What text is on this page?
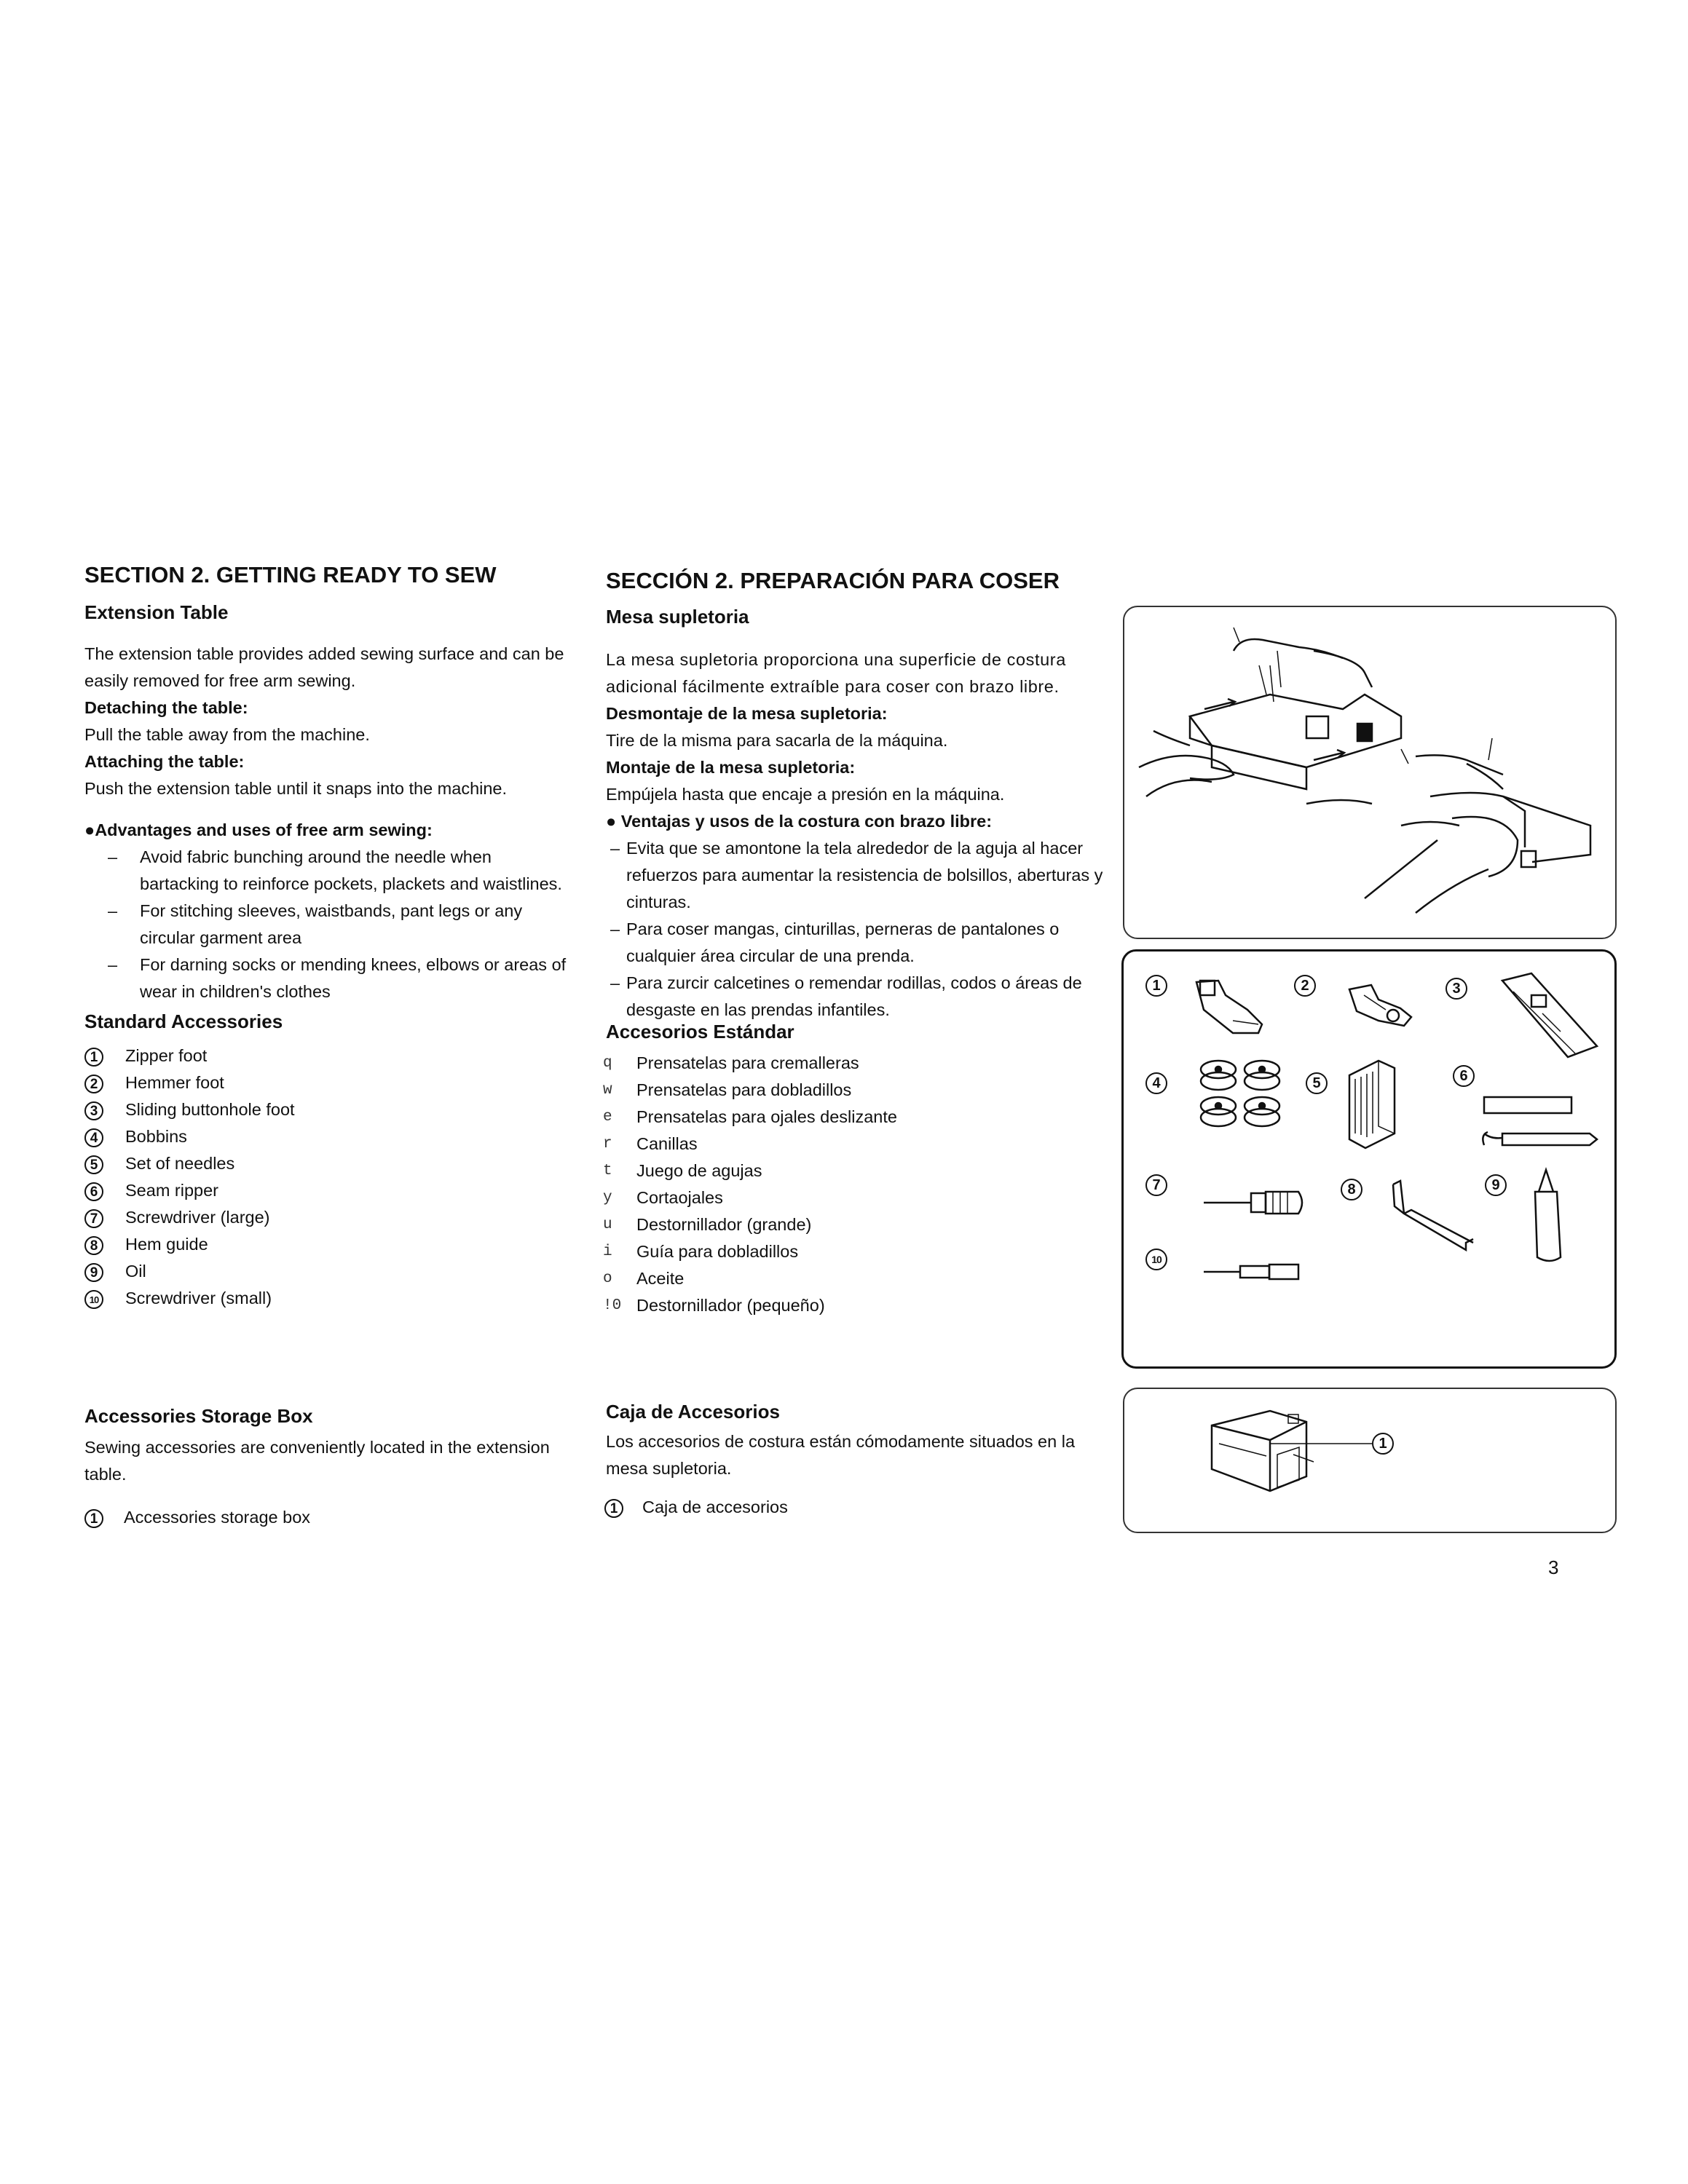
SECTION 2. GETTING READY TO SEW
Extension Table
The extension table provides added sewing surface and can be easily removed for free arm sewing.
Detaching the table:
Pull the table away from the machine.
Attaching the table:
Push the extension table until it snaps into the machine.
●Advantages and uses of free arm sewing:
– Avoid fabric bunching around the needle when bartacking to reinforce pockets, plackets and waistlines.
– For stitching sleeves, waistbands, pant legs or any circular garment area
– For darning socks or mending knees, elbows or areas of wear in children's clothes
Standard Accessories
1	Zipper foot
2	Hemmer foot
3	Sliding buttonhole foot
4	Bobbins
5	Set of needles
6	Seam ripper
7	Screwdriver (large)
8	Hem guide
9	Oil
10 Screwdriver (small)
Accessories Storage Box
Sewing accessories are conveniently located in the extension table.
1	Accessories storage box
SECCIÓN 2. PREPARACIÓN PARA COSER
Mesa supletoria
La mesa supletoria proporciona una superficie de costura adicional fácilmente extraíble para coser con brazo libre.
Desmontaje de la mesa supletoria:
Tire de la misma para sacarla de la máquina.
Montaje de la mesa supletoria:
Empújela hasta que encaje a presión en la máquina.
● Ventajas y usos de la costura con brazo libre:
– Evita que se amontone la tela alrededor de la aguja al hacer refuerzos para aumentar la resistencia de bolsillos, aberturas y cinturas.
– Para coser mangas, cinturillas, perneras de pantalones o cualquier área circular de una prenda.
– Para zurcir calcetines o remendar rodillas, codos o áreas de desgaste en las prendas infantiles.
Accesorios Estándar
q Prensatelas para cremalleras
w Prensatelas para dobladillos
e Prensatelas para ojales deslizante
r Canillas
t Juego de agujas
y Cortaojales
u Destornillador (grande)
i Guía para dobladillos
o Aceite
!0 Destornillador (pequeño)
Caja de Accesorios
Los accesorios de costura están cómodamente situados en la mesa supletoria.
1	Caja de accesorios
1	2	3
4	5	6
7	8	9
10
1
3
